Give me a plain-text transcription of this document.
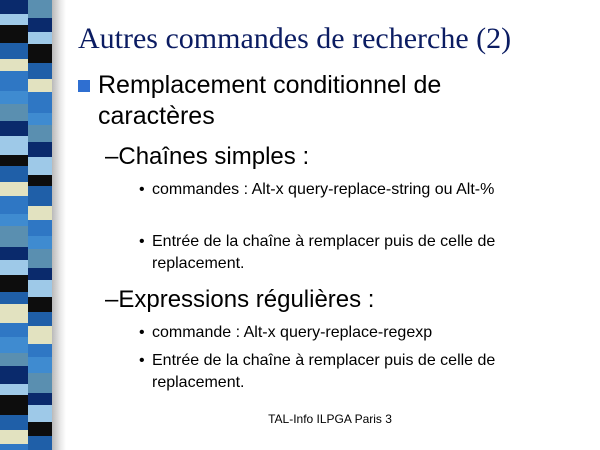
Autres commandes de recherche (2)
Remplacement conditionnel de caractères
–Chaînes simples :
• commandes : Alt-x query-replace-string ou Alt-%
• Entrée de la chaîne à remplacer puis de celle de replacement.
–Expressions régulières :
• commande : Alt-x query-replace-regexp
• Entrée de la chaîne à remplacer puis de celle de replacement.
TAL-Info ILPGA Paris 3
